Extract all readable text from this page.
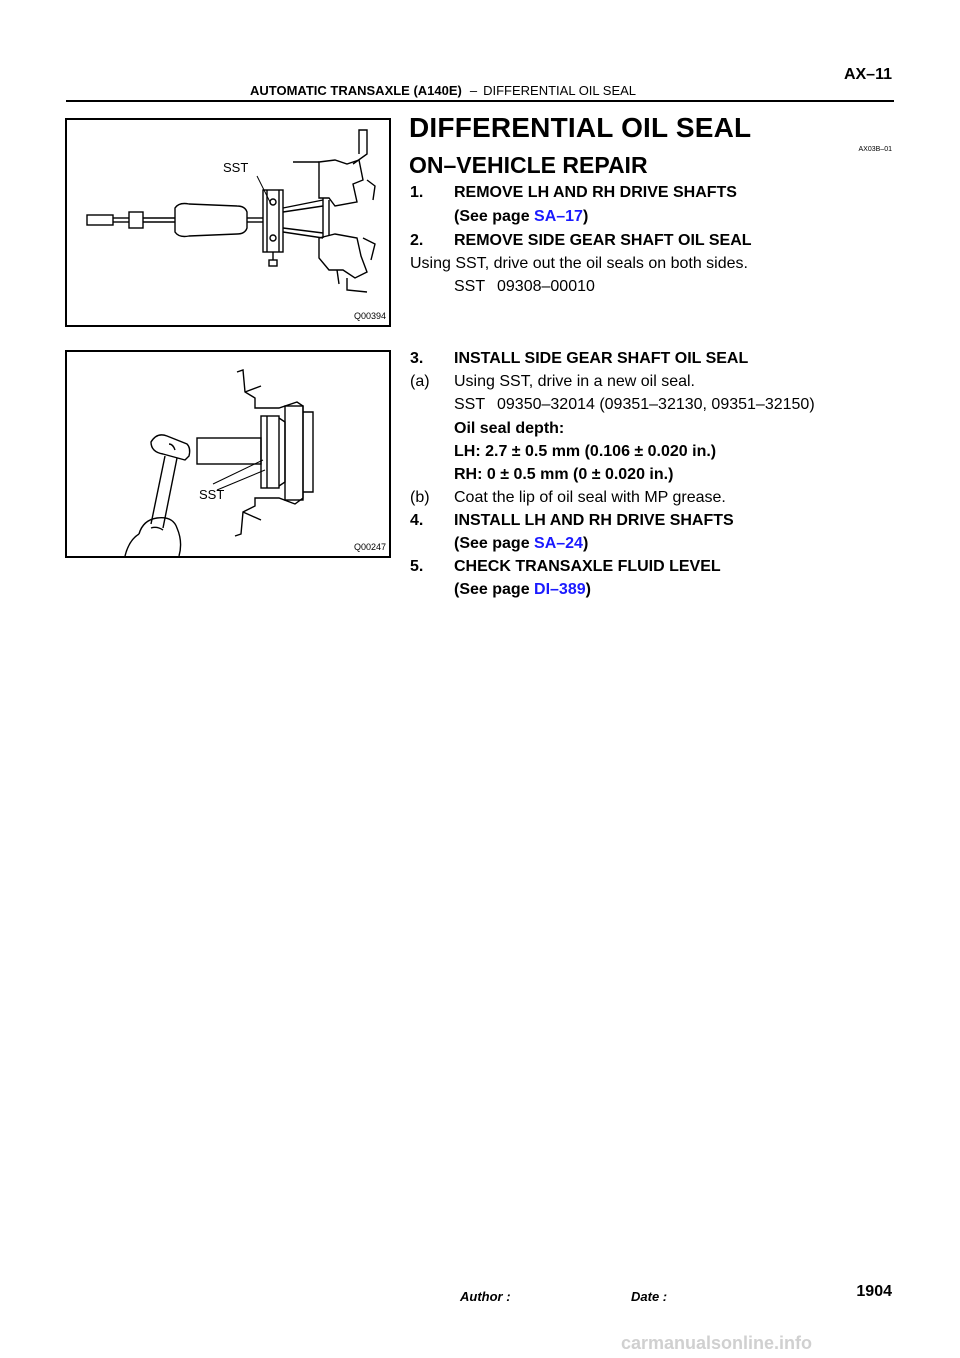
AX–11
AUTOMATIC TRANSAXLE (A140E) – DIFFERENTIAL OIL SEAL
SST
Q00394
SST
Q00247
AX03B–01
DIFFERENTIAL OIL SEAL
ON–VEHICLE REPAIR
1. REMOVE LH AND RH DRIVE SHAFTS
(See page SA–17)
2. REMOVE SIDE GEAR SHAFT OIL SEAL
Using SST, drive out the oil seals on both sides.
SST 09308–00010
3. INSTALL SIDE GEAR SHAFT OIL SEAL
(a) Using SST, drive in a new oil seal.
SST 09350–32014 (09351–32130, 09351–32150)
Oil seal depth:
LH: 2.7 ± 0.5 mm (0.106 ± 0.020 in.)
RH: 0 ± 0.5 mm (0 ± 0.020 in.)
(b) Coat the lip of oil seal with MP grease.
4. INSTALL LH AND RH DRIVE SHAFTS
(See page SA–24)
5. CHECK TRANSAXLE FLUID LEVEL
(See page DI–389)
Author :	Date :	1904
carmanualsonline.info
